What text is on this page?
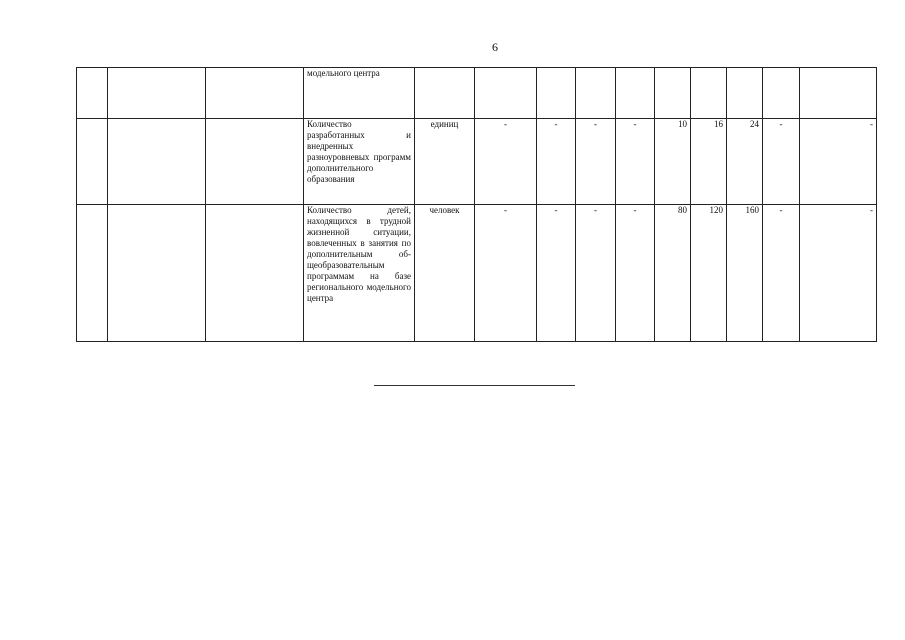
6

			модельного центра										

			Количество разработанных и внедренных разноуровневых программ дополнительного образования	единиц	-	-	-	-	10	16	24	-	-

			Количество детей, находящихся в трудной жизненной ситуации, вовлеченных в занятия по дополнительным об-щеобразовательным программам на базе регионального модельного центра	человек	-	-	-	-	80	120	160	-	-
